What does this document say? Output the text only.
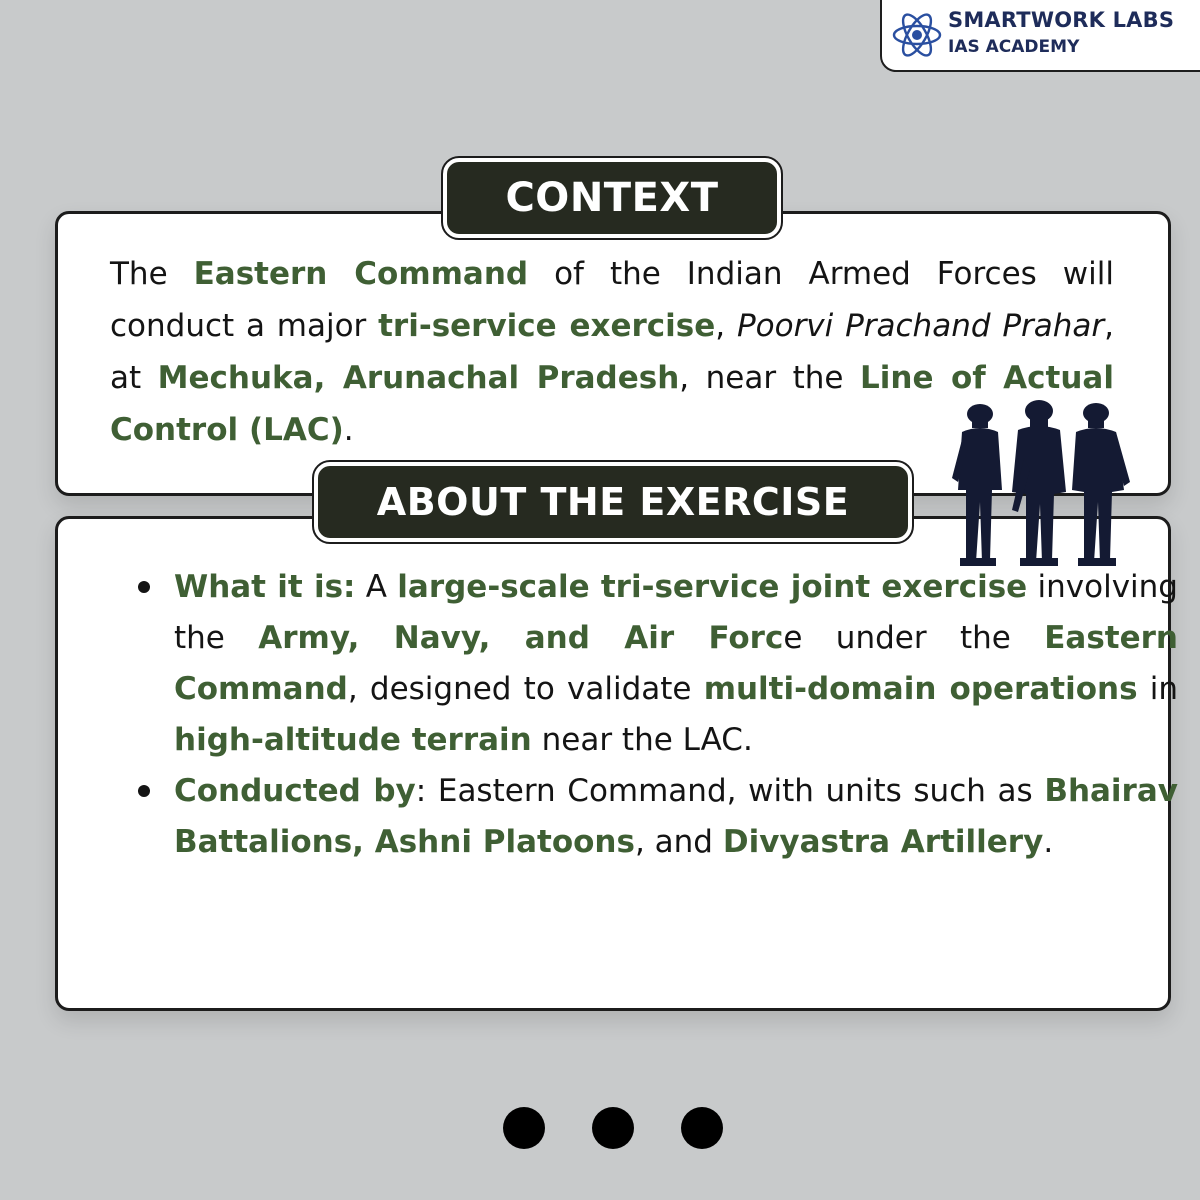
SMARTWORK LABS
IAS ACADEMY

The Eastern Command of the Indian Armed Forces will conduct a major tri-service exercise, Poorvi Prachand Prahar, at Mechuka, Arunachal Pradesh, near the Line of Actual Control (LAC).

CONTEXT
What it is: A large-scale tri-service joint exercise involving the Army, Navy, and Air Force under the Eastern Command, designed to validate multi-domain operations in high-altitude terrain near the LAC.
Conducted by: Eastern Command, with units such as Bhairav Battalions, Ashni Platoons, and Divyastra Artillery.
ABOUT THE EXERCISE
